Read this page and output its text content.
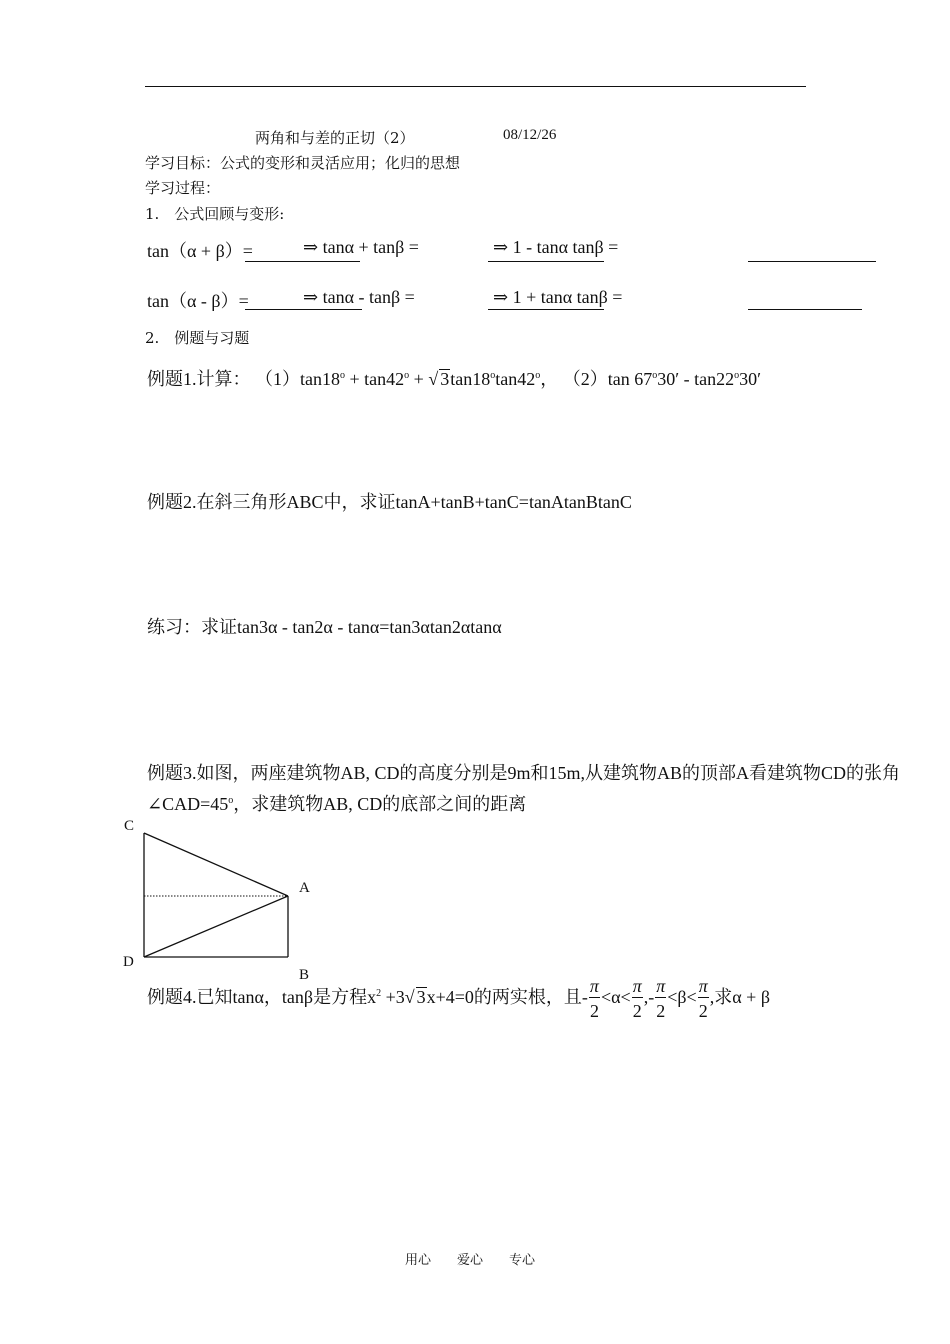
两角和与差的正切（2）	08/12/26
学习目标：公式的变形和灵活应用；化归的思想
学习过程：
1.　公式回顾与变形:
tan（α + β）=	⇒ tanα + tanβ =	⇒ 1 - tanα tanβ =
tan（α - β）=	⇒ tanα - tanβ =	⇒ 1 + tanα tanβ =
2.　例题与习题
例题1.计算： $(1)\tan 18^o + \tan 42^o$ + √ 3tan18$^o$tan42$^o$， （2）tan 67$^o$30′ - tan22$^o$30′
例题2.在斜三角形ABC中，求证tanA+tanB+tanC=tanAtanBtanC
练习：求证tan3α - tan2α - tanα=tan3αtan2αtanα
例题3.如图，两座建筑物AB, CD的高度分别是9m和15m,从建筑物AB的顶部A看建筑物CD的张角
$\angle CAD=45^o$，求建筑物AB, CD的底部之间的距离
C
A
D
B
例题4.已知tanα，tanβ是方程$x^2 +3√$ 3x+4=0的两实根，且- $\frac{\pi}{2} <\alpha< \frac{\pi}{2}$ ,- $\frac{\pi}{2} <\beta< \frac{\pi}{2}$ ,求α + β
用心　　爱心　　专心
